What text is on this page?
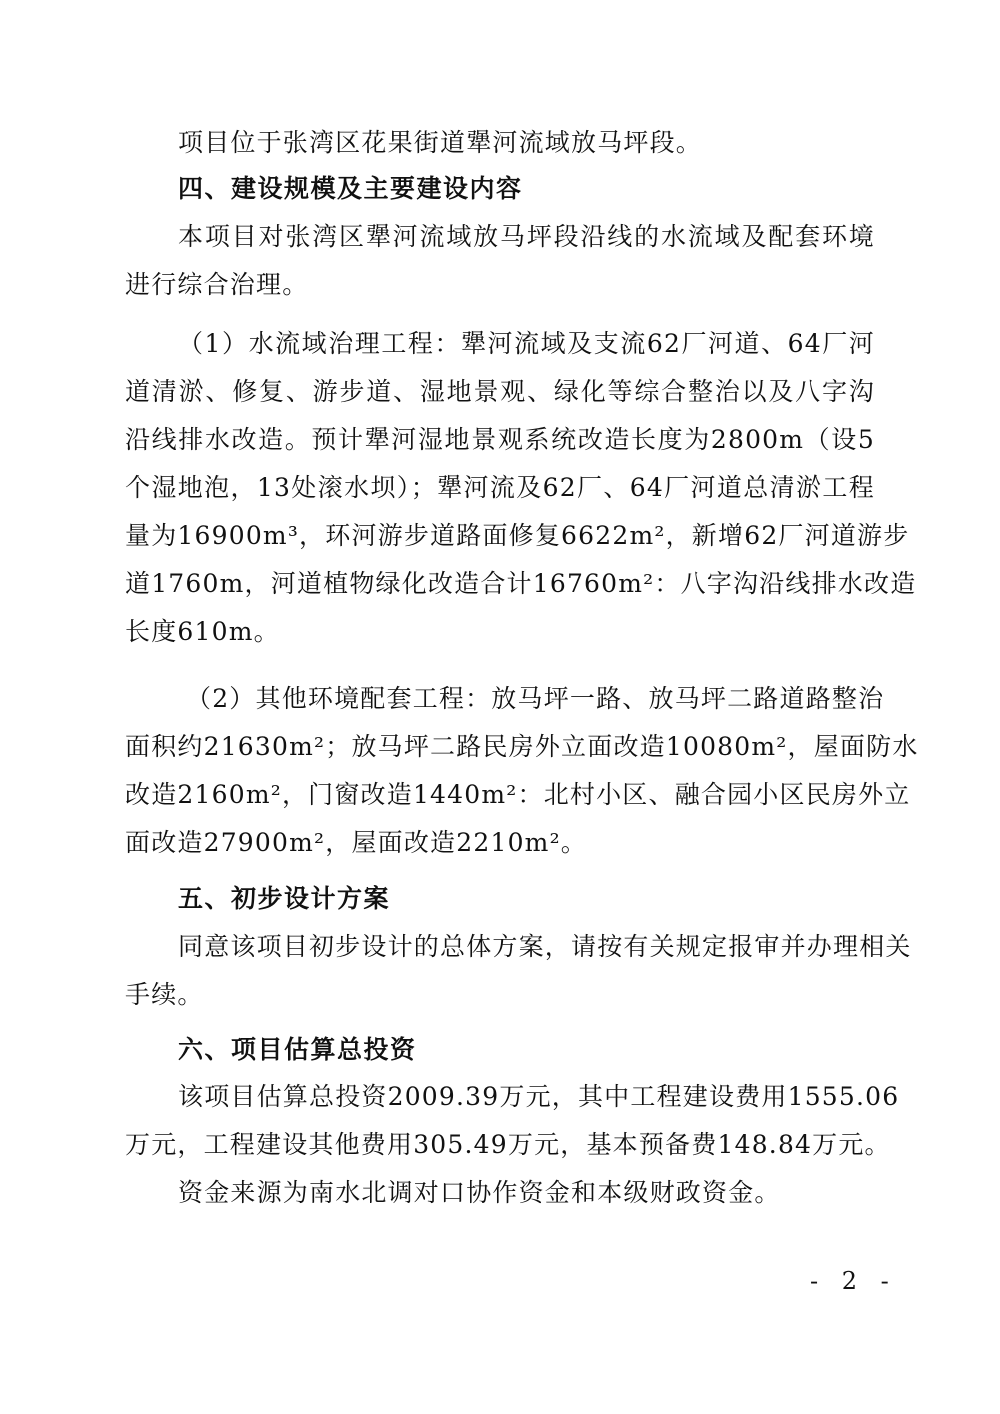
项目位于张湾区花果街道犟河流域放马坪段。
四、建设规模及主要建设内容
本项目对张湾区犟河流域放马坪段沿线的水流域及配套环境
进行综合治理。
（1）水流域治理工程：犟河流域及支流62厂河道、64厂河
道清淤、修复、游步道、湿地景观、绿化等综合整治以及八字沟
沿线排水改造。预计犟河湿地景观系统改造长度为2800m（设5
个湿地泡，13处滚水坝）；犟河流及62厂、64厂河道总清淤工程
量为16900m³，环河游步道路面修复6622m²，新增62厂河道游步
道1760m，河道植物绿化改造合计16760m²：八字沟沿线排水改造
长度610m。
（2）其他环境配套工程：放马坪一路、放马坪二路道路整治
面积约21630m²；放马坪二路民房外立面改造10080m²，屋面防水
改造2160m²，门窗改造1440m²：北村小区、融合园小区民房外立
面改造27900m²，屋面改造2210m²。
五、初步设计方案
同意该项目初步设计的总体方案，请按有关规定报审并办理相关
手续。
六、项目估算总投资
该项目估算总投资2009.39万元，其中工程建设费用1555.06
万元，工程建设其他费用305.49万元，基本预备费148.84万元。
资金来源为南水北调对口协作资金和本级财政资金。
- 2 -
